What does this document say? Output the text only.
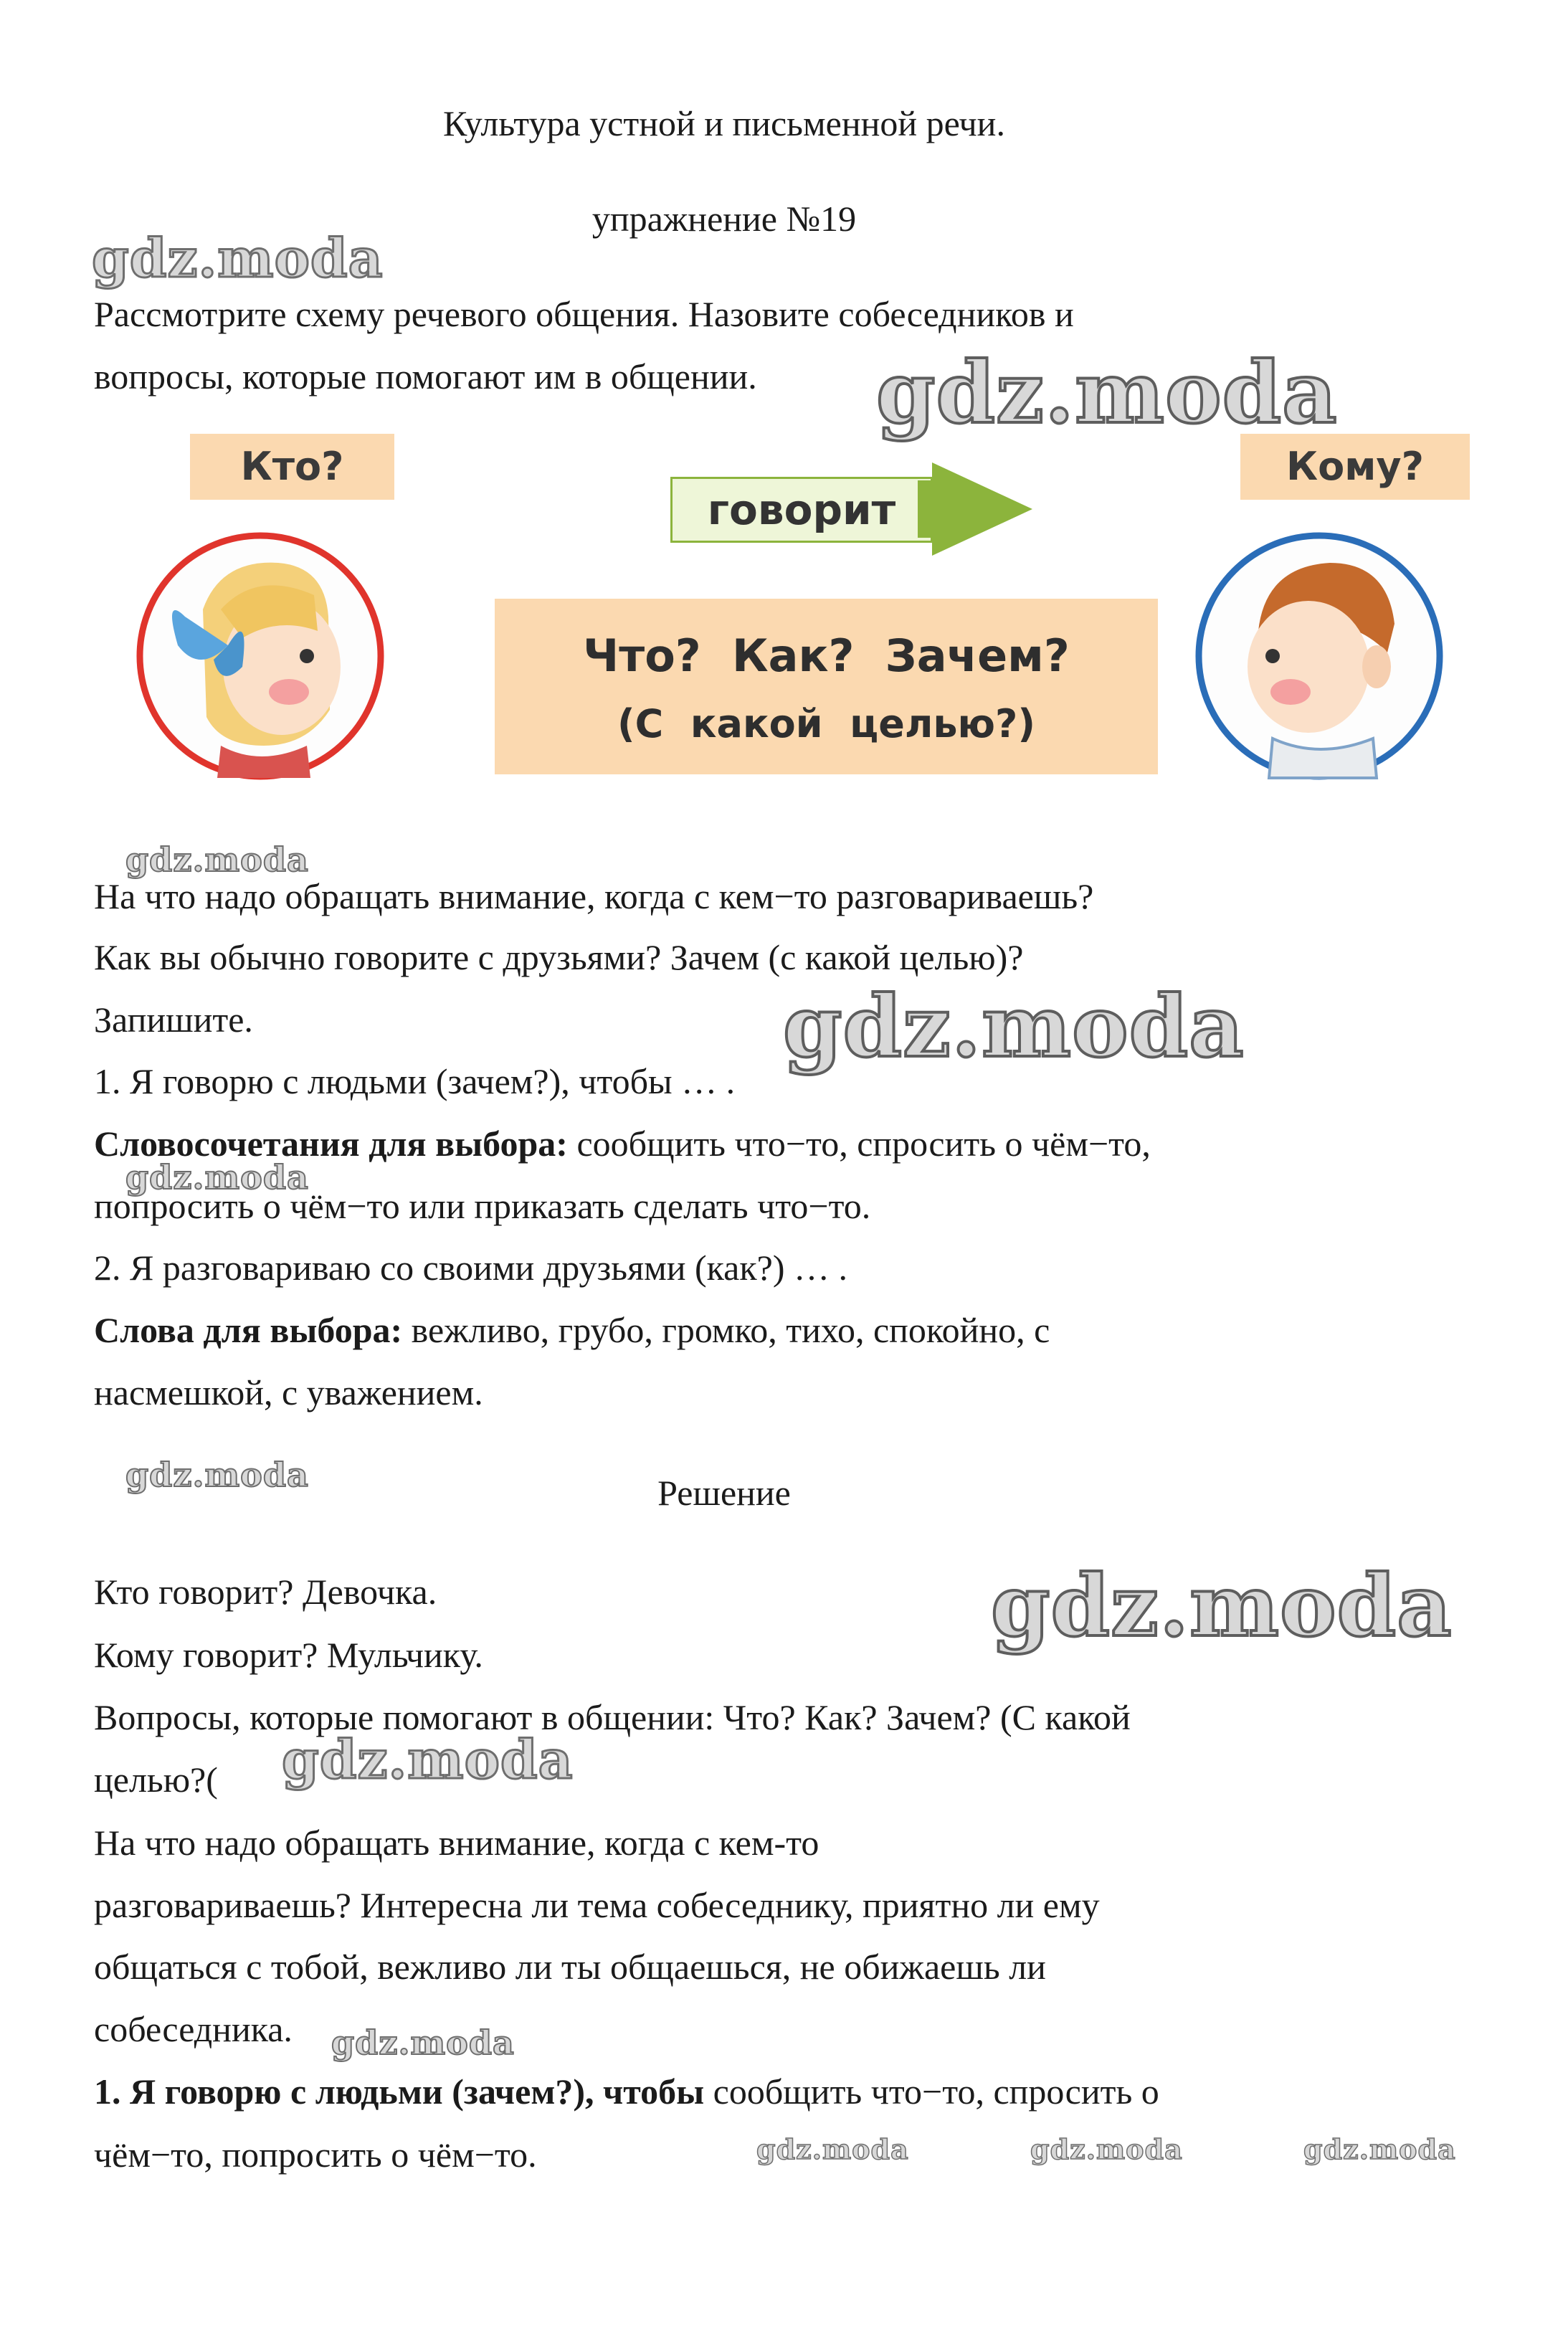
Культура устной и письменной речи.
упражнение №19
Рассмотрите схему речевого общения. Назовите собеседников и
вопросы, которые помогают им в общении.
Кто?	Кому?
говорит
Что?  Как?  Зачем?
(С  какой  целью?)
На что надо обращать внимание, когда с кем−то разговариваешь?
Как вы обычно говорите с друзьями? Зачем (с какой целью)?
Запишите.
1. Я говорю с людьми (зачем?), чтобы … .
Словосочетания для выбора: сообщить что−то, спросить о чём−то,
попросить о чём−то или приказать сделать что−то.
2. Я разговариваю со своими друзьями (как?) … .
Слова для выбора: вежливо, грубо, громко, тихо, спокойно, с
насмешкой, с уважением.
Решение
Кто говорит? Девочка.
Кому говорит? Мульчику.
Вопросы, которые помогают в общении: Что? Как? Зачем? (С какой
целью?(
На что надо обращать внимание, когда с кем-то
разговариваешь? Интересна ли тема собеседнику, приятно ли ему
общаться с тобой, вежливо ли ты общаешься, не обижаешь ли
собеседника.
1. Я говорю с людьми (зачем?), чтобы сообщить что−то, спросить о
чём−то, попросить о чём−то.
gdz.moda
gdz.moda
gdz.moda
gdz.moda
gdz.moda
gdz.moda
gdz.moda
gdz.moda
gdz.moda
gdz.moda	gdz.moda	gdz.moda
